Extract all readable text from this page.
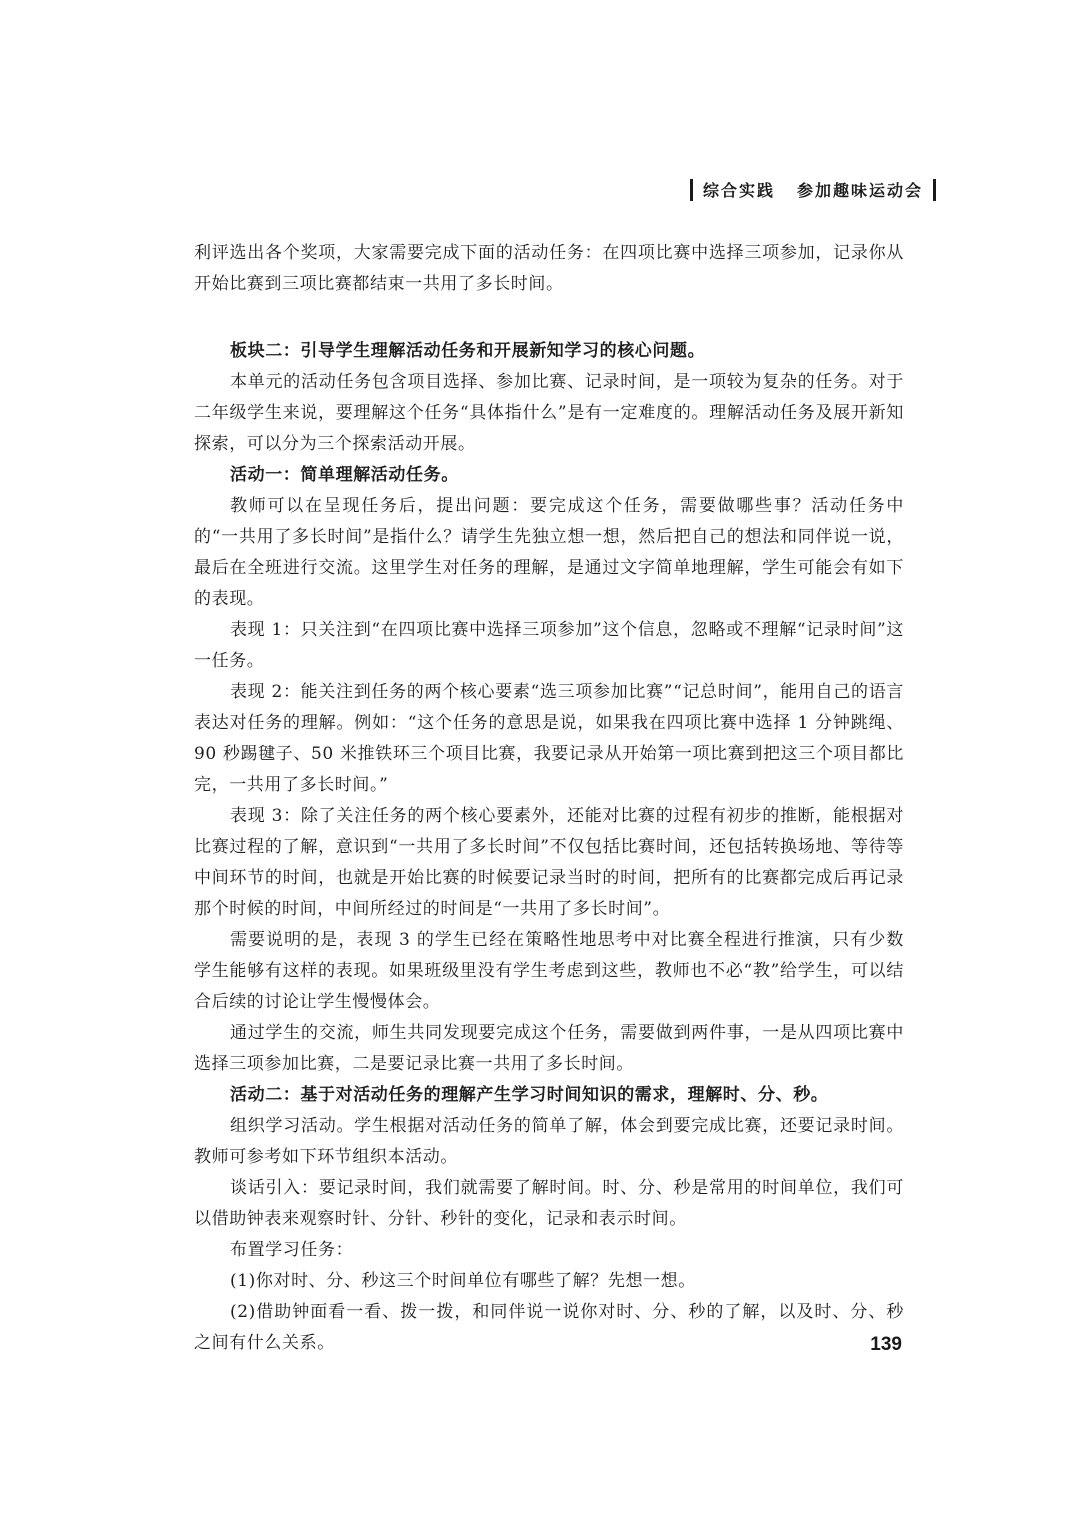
综合实践 参加趣味运动会

利评选出各个奖项，大家需要完成下面的活动任务：在四项比赛中选择三项参加，记录你从开始比赛到三项比赛都结束一共用了多长时间。

板块二：引导学生理解活动任务和开展新知学习的核心问题。

本单元的活动任务包含项目选择、参加比赛、记录时间，是一项较为复杂的任务。对于二年级学生来说，要理解这个任务“具体指什么”是有一定难度的。理解活动任务及展开新知探索，可以分为三个探索活动开展。

活动一：简单理解活动任务。

教师可以在呈现任务后，提出问题：要完成这个任务，需要做哪些事？活动任务中的“一共用了多长时间”是指什么？请学生先独立想一想，然后把自己的想法和同伴说一说，最后在全班进行交流。这里学生对任务的理解，是通过文字简单地理解，学生可能会有如下的表现。

表现 1：只关注到“在四项比赛中选择三项参加”这个信息，忽略或不理解“记录时间”这一任务。

表现 2：能关注到任务的两个核心要素“选三项参加比赛”“记总时间”，能用自己的语言表达对任务的理解。例如：“这个任务的意思是说，如果我在四项比赛中选择 1 分钟跳绳、90 秒踢毽子、50 米推铁环三个项目比赛，我要记录从开始第一项比赛到把这三个项目都比完，一共用了多长时间。”

表现 3：除了关注任务的两个核心要素外，还能对比赛的过程有初步的推断，能根据对比赛过程的了解，意识到“一共用了多长时间”不仅包括比赛时间，还包括转换场地、等待等中间环节的时间，也就是开始比赛的时候要记录当时的时间，把所有的比赛都完成后再记录那个时候的时间，中间所经过的时间是“一共用了多长时间”。

需要说明的是，表现 3 的学生已经在策略性地思考中对比赛全程进行推演，只有少数学生能够有这样的表现。如果班级里没有学生考虑到这些，教师也不必“教”给学生，可以结合后续的讨论让学生慢慢体会。

通过学生的交流，师生共同发现要完成这个任务，需要做到两件事，一是从四项比赛中选择三项参加比赛，二是要记录比赛一共用了多长时间。

活动二：基于对活动任务的理解产生学习时间知识的需求，理解时、分、秒。

组织学习活动。学生根据对活动任务的简单了解，体会到要完成比赛，还要记录时间。教师可参考如下环节组织本活动。

谈话引入：要记录时间，我们就需要了解时间。时、分、秒是常用的时间单位，我们可以借助钟表来观察时针、分针、秒针的变化，记录和表示时间。

布置学习任务：

(1)你对时、分、秒这三个时间单位有哪些了解？先想一想。

(2)借助钟面看一看、拨一拨，和同伴说一说你对时、分、秒的了解，以及时、分、秒之间有什么关系。	139
